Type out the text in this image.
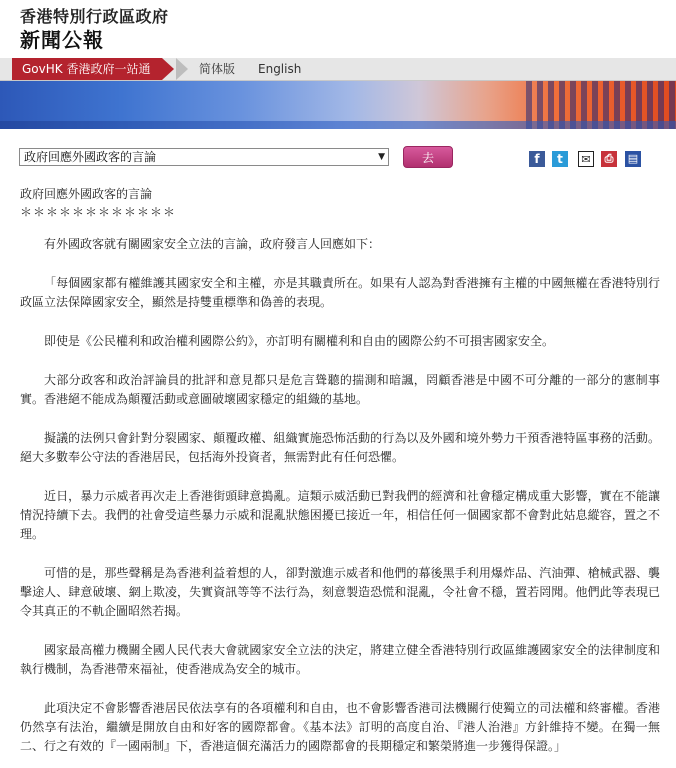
香港特別行政區政府
新聞公報
GovHK 香港政府一站通	简体版 English
政府回應外國政客的言論	▼	去	f	t	✉	⎙	▤
政府回應外國政客的言論
＊＊＊＊＊＊＊＊＊＊＊＊

有外國政客就有關國家安全立法的言論，政府發言人回應如下：

「每個國家都有權維護其國家安全和主權，亦是其職責所在。如果有人認為對香港擁有主權的中國無權在香港特別行政區立法保障國家安全，顯然是持雙重標準和偽善的表現。

即使是《公民權利和政治權利國際公約》，亦訂明有關權利和自由的國際公約不可損害國家安全。

大部分政客和政治評論員的批評和意見都只是危言聳聽的揣測和暗諷，罔顧香港是中國不可分離的一部分的憲制事實。香港絕不能成為顛覆活動或意圖破壞國家穩定的組織的基地。

擬議的法例只會針對分裂國家、顛覆政權、組織實施恐怖活動的行為以及外國和境外勢力干預香港特區事務的活動。絕大多數奉公守法的香港居民，包括海外投資者，無需對此有任何恐懼。

近日，暴力示威者再次走上香港街頭肆意搗亂。這類示威活動已對我們的經濟和社會穩定構成重大影響，實在不能讓情況持續下去。我們的社會受這些暴力示威和混亂狀態困擾已接近一年，相信任何一個國家都不會對此姑息縱容，置之不理。

可惜的是，那些聲稱是為香港利益着想的人，卻對激進示威者和他們的幕後黑手利用爆炸品、汽油彈、槍械武器、襲擊途人、肆意破壞、網上欺凌，失實資訊等等不法行為，刻意製造恐慌和混亂，令社會不穩，置若罔聞。他們此等表現已令其真正的不軌企圖昭然若揭。

國家最高權力機關全國人民代表大會就國家安全立法的決定，將建立健全香港特別行政區維護國家安全的法律制度和執行機制，為香港帶來福祉，使香港成為安全的城市。

此項決定不會影響香港居民依法享有的各項權利和自由，也不會影響香港司法機關行使獨立的司法權和終審權。香港仍然享有法治，繼續是開放自由和好客的國際都會。《基本法》訂明的高度自治、『港人治港』方針維持不變。在獨一無二、行之有效的『一國兩制』下，香港這個充滿活力的國際都會的長期穩定和繁榮將進一步獲得保證。」
